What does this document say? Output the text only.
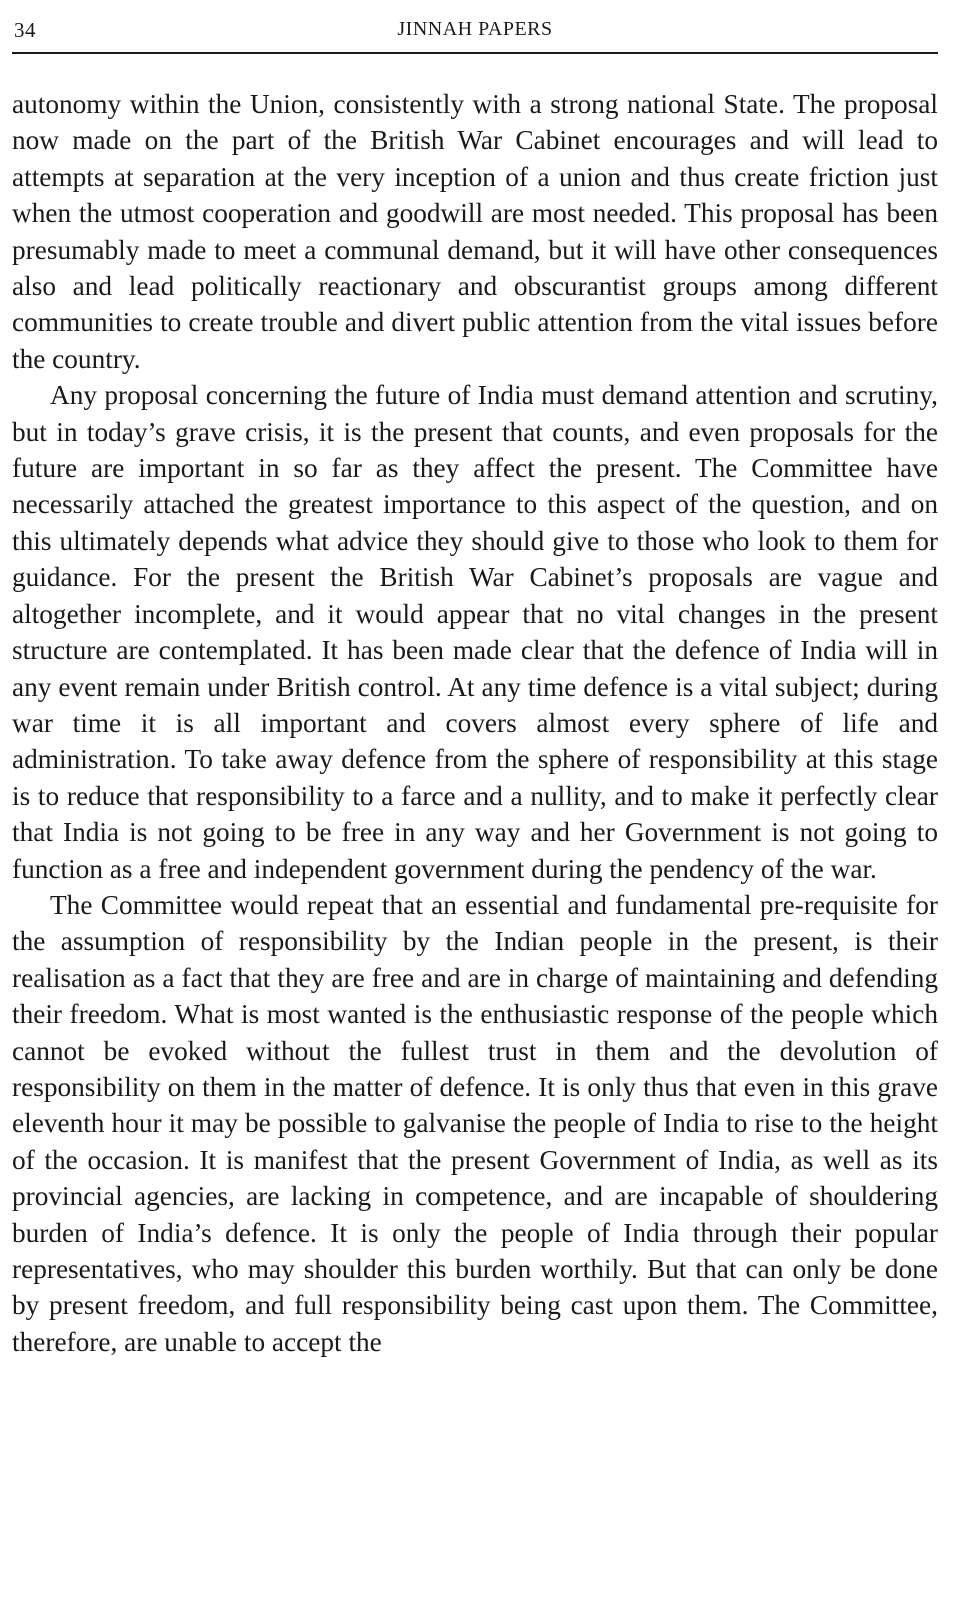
34	JINNAH PAPERS

autonomy within the Union, consistently with a strong national State. The proposal now made on the part of the British War Cabinet encourages and will lead to attempts at separation at the very inception of a union and thus create friction just when the utmost cooperation and goodwill are most needed. This proposal has been presumably made to meet a communal demand, but it will have other consequences also and lead politically reactionary and obscurantist groups among different communities to create trouble and divert public attention from the vital issues before the country.

Any proposal concerning the future of India must demand attention and scrutiny, but in today’s grave crisis, it is the present that counts, and even proposals for the future are important in so far as they affect the present. The Committee have necessarily attached the greatest importance to this aspect of the question, and on this ultimately depends what advice they should give to those who look to them for guidance. For the present the British War Cabinet’s proposals are vague and altogether incomplete, and it would appear that no vital changes in the present structure are contemplated. It has been made clear that the defence of India will in any event remain under British control. At any time defence is a vital subject; during war time it is all important and covers almost every sphere of life and administration. To take away defence from the sphere of responsibility at this stage is to reduce that responsibility to a farce and a nullity, and to make it perfectly clear that India is not going to be free in any way and her Government is not going to function as a free and independent government during the pendency of the war.

The Committee would repeat that an essential and fundamental pre-requisite for the assumption of responsibility by the Indian people in the present, is their realisation as a fact that they are free and are in charge of maintaining and defending their freedom. What is most wanted is the enthusiastic response of the people which cannot be evoked without the fullest trust in them and the devolution of responsibility on them in the matter of defence. It is only thus that even in this grave eleventh hour it may be possible to galvanise the people of India to rise to the height of the occasion. It is manifest that the present Government of India, as well as its provincial agencies, are lacking in competence, and are incapable of shouldering burden of India’s defence. It is only the people of India through their popular representatives, who may shoulder this burden worthily. But that can only be done by present freedom, and full responsibility being cast upon them. The Committee, therefore, are unable to accept the
